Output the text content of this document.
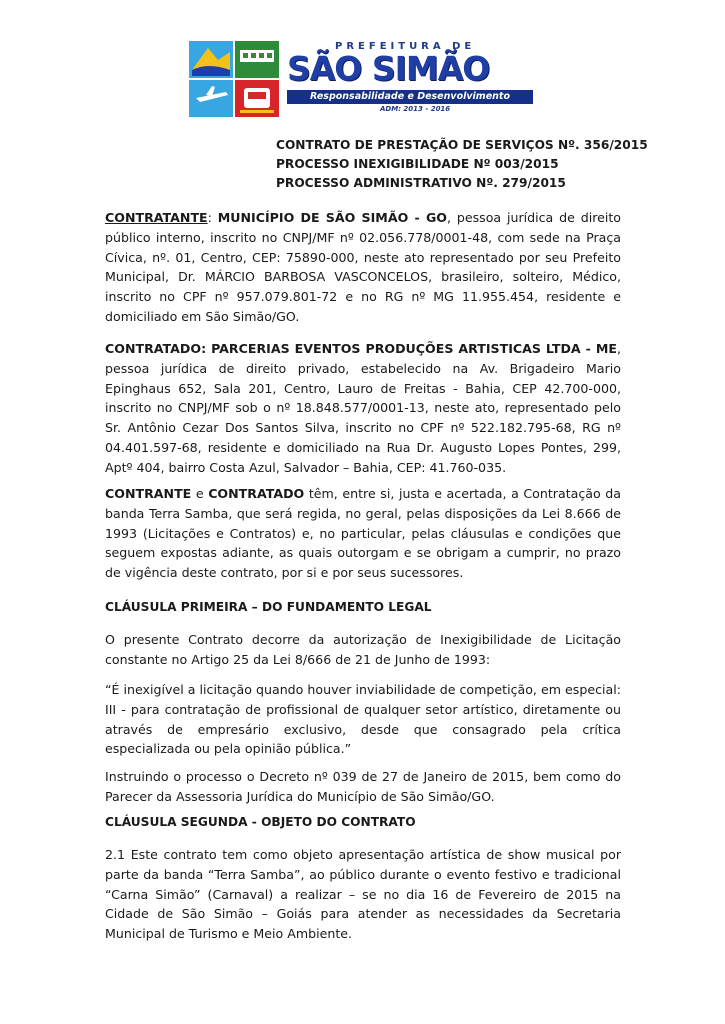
PREFEITURA DE
SÃO SIMÃO
Responsabilidade e Desenvolvimento
ADM: 2013 - 2016
CONTRATO DE PRESTAÇÃO DE SERVIÇOS Nº. 356/2015
PROCESSO INEXIGIBILIDADE Nº 003/2015
PROCESSO ADMINISTRATIVO Nº. 279/2015
CONTRATANTE: MUNICÍPIO DE SÃO SIMÃO - GO, pessoa jurídica de direito público interno, inscrito no CNPJ/MF nº 02.056.778/0001-48, com sede na Praça Cívica, nº. 01, Centro, CEP: 75890-000, neste ato representado por seu Prefeito Municipal, Dr. MÁRCIO BARBOSA VASCONCELOS, brasileiro, solteiro, Médico, inscrito no CPF nº 957.079.801-72 e no RG nº MG 11.955.454, residente e domiciliado em São Simão/GO.
CONTRATADO: PARCERIAS EVENTOS PRODUÇÕES ARTISTICAS LTDA - ME, pessoa jurídica de direito privado, estabelecido na Av. Brigadeiro Mario Epinghaus 652, Sala 201, Centro, Lauro de Freitas - Bahia, CEP 42.700-000, inscrito no CNPJ/MF sob o nº 18.848.577/0001-13, neste ato, representado pelo Sr. Antônio Cezar Dos Santos Silva, inscrito no CPF nº 522.182.795-68, RG nº 04.401.597-68, residente e domiciliado na Rua Dr. Augusto Lopes Pontes, 299, Aptº 404, bairro Costa Azul, Salvador – Bahia, CEP: 41.760-035.
CONTRANTE e CONTRATADO têm, entre si, justa e acertada, a Contratação da banda Terra Samba, que será regida, no geral, pelas disposições da Lei 8.666 de 1993 (Licitações e Contratos) e, no particular, pelas cláusulas e condições que seguem expostas adiante, as quais outorgam e se obrigam a cumprir, no prazo de vigência deste contrato, por si e por seus sucessores.
CLÁUSULA PRIMEIRA – DO FUNDAMENTO LEGAL
O presente Contrato decorre da autorização de Inexigibilidade de Licitação constante no Artigo 25 da Lei 8/666 de 21 de Junho de 1993:
“É inexigível a licitação quando houver inviabilidade de competição, em especial: III - para contratação de profissional de qualquer setor artístico, diretamente ou através de empresário exclusivo, desde que consagrado pela crítica especializada ou pela opinião pública.”
Instruindo o processo o Decreto nº 039 de 27 de Janeiro de 2015, bem como do Parecer da Assessoria Jurídica do Município de São Simão/GO.
CLÁUSULA SEGUNDA - OBJETO DO CONTRATO
2.1 Este contrato tem como objeto apresentação artística de show musical por parte da banda “Terra Samba”, ao público durante o evento festivo e tradicional “Carna Simão” (Carnaval) a realizar – se no dia 16 de Fevereiro de 2015 na Cidade de São Simão – Goiás para atender as necessidades da Secretaria Municipal de Turismo e Meio Ambiente.
